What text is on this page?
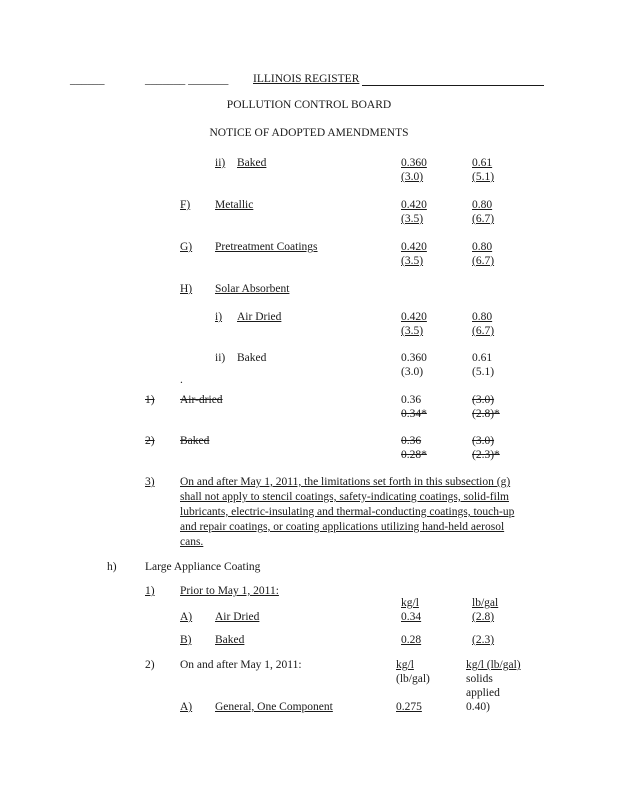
______	_______ _______ ILLINOIS REGISTER
POLLUTION CONTROL BOARD
NOTICE OF ADOPTED AMENDMENTS
ii) Baked	0.360	0.61
(3.0)	(5.1)
F) Metallic	0.420	0.80
(3.5)	(6.7)
G) Pretreatment Coatings	0.420	0.80
(3.5)	(6.7)
H) Solar Absorbent
i) Air Dried	0.420	0.80
(3.5)	(6.7)
ii) Baked	0.360	0.61
(3.0)	(5.1)
.
1) Air-dried	0.36	(3.0)
0.34*	(2.8)*
2) Baked	0.36	(3.0)
0.28*	(2.3)*
3) On and after May 1, 2011, the limitations set forth in this subsection (g)
shall not apply to stencil coatings, safety-indicating coatings, solid-film
lubricants, electric-insulating and thermal-conducting coatings, touch-up
and repair coatings, or coating applications utilizing hand-held aerosol
cans.
h) Large Appliance Coating
1) Prior to May 1, 2011:
kg/l	lb/gal
A) Air Dried	0.34	(2.8)
B) Baked	0.28	(2.3)
2) On and after May 1, 2011:	kg/l
(lb/gal)
kg/l (lb/gal)
solids
applied
A) General, One Component	0.275	0.40)
